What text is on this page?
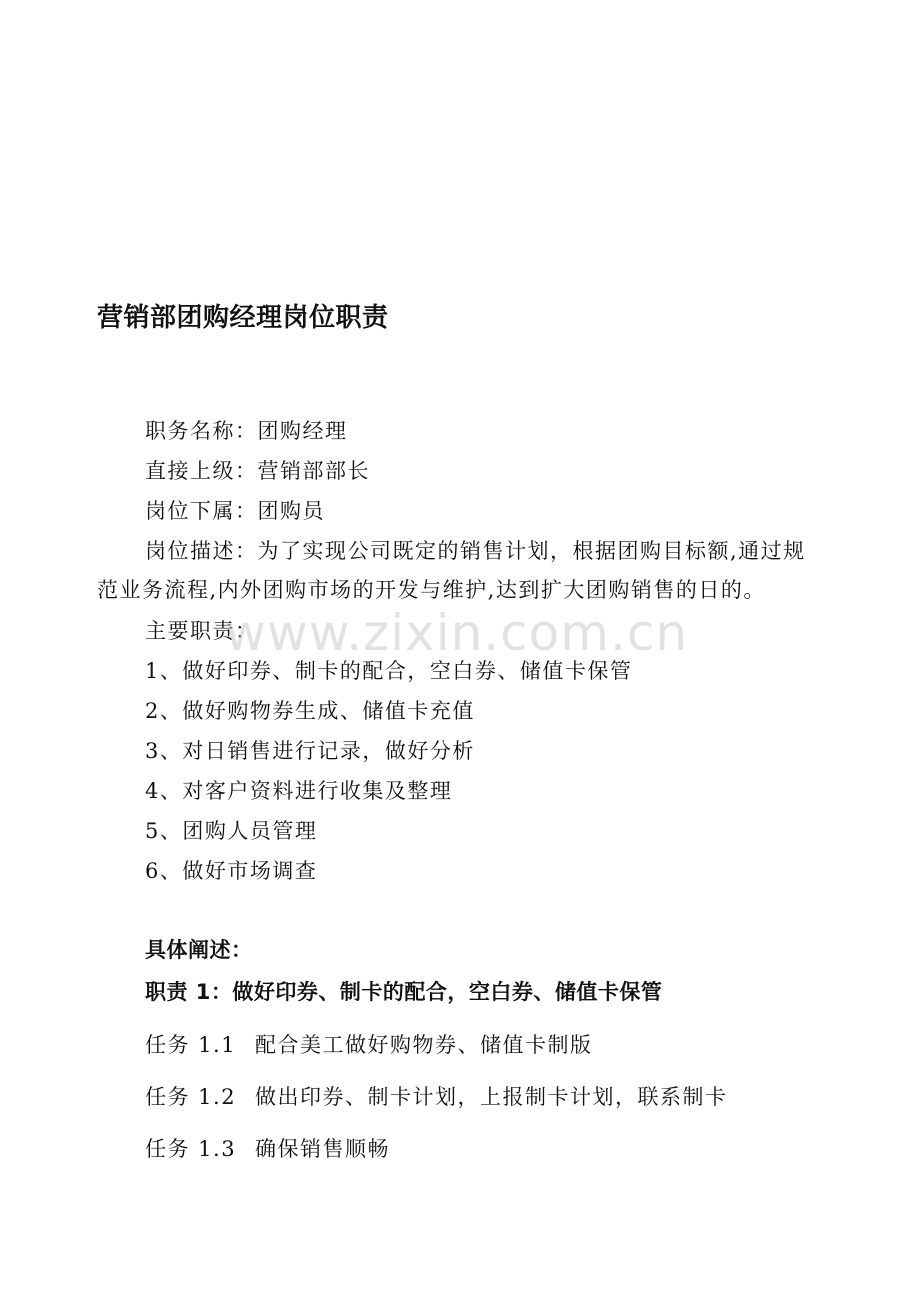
营销部团购经理岗位职责
职务名称：团购经理
直接上级：营销部部长
岗位下属：团购员
岗位描述：为了实现公司既定的销售计划，根据团购目标额,通过规
范业务流程,内外团购市场的开发与维护,达到扩大团购销售的日的。
主要职责：
1、做好印券、制卡的配合，空白券、储值卡保管
2、做好购物券生成、储值卡充值
3、对日销售进行记录，做好分析
4、对客户资料进行收集及整理
5、团购人员管理
6、做好市场调查
具体阐述：
职责 1：做好印券、制卡的配合，空白券、储值卡保管
任务 1.1 配合美工做好购物券、储值卡制版
任务 1.2 做出印券、制卡计划，上报制卡计划，联系制卡
任务 1.3 确保销售顺畅
www.zixin.com.cn
